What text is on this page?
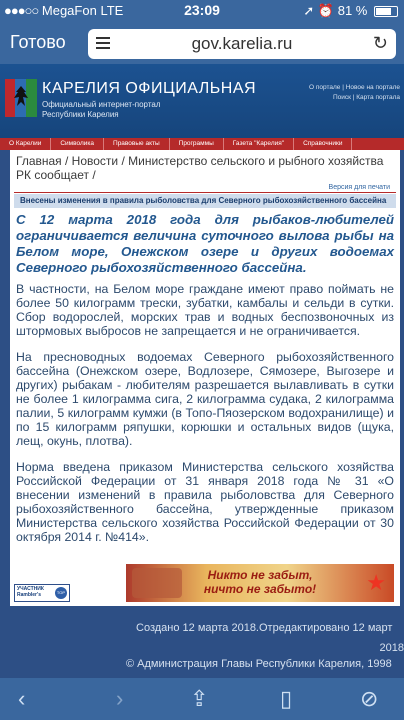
●●●○○ MegaFon LTE	23:09	➚ ⏰ 81 %
Готово	gov.karelia.ru	↻
КАРЕЛИЯ ОФИЦИАЛЬНАЯ
Официальный интернет-портал
Республики Карелия
О портале | Новое на портале
Поиск | Карта портала
О Карелии	Символика	Правовые акты	Программы	Газета "Карелия"	Справочники
Главная / Новости / Министерство сельского и рыбного хозяйства РК сообщает /
Версия для печати
Внесены изменения в правила рыболовства для Северного рыбохозяйственного бассейна
С 12 марта 2018 года для рыбаков-любителей ограничивается величина суточного вылова рыбы на Белом море, Онежском озере и других водоемах Северного рыбохозяйственного бассейна.
В частности, на Белом море граждане имеют право поймать не более 50 килограмм трески, зубатки, камбалы и сельди в сутки. Сбор водорослей, морских трав и водных беспозвоночных из штормовых выбросов не запрещается и не ограничивается.
На пресноводных водоемах Северного рыбохозяйственного бассейна (Онежском озере, Водлозере, Сямозере, Выгозере и других) рыбакам - любителям разрешается вылавливать в сутки не более 1 килограмма сига, 2 килограмма судака, 2 килограмма палии, 5 килограмм кумжи (в Топо-Пяозерском водохранилище) и по 15 килограмм ряпушки, корюшки и остальных видов (щука, лещ, окунь, плотва).
Норма введена приказом Министерства сельского хозяйства Российской Федерации от 31 января 2018 года № 31 «О внесении изменений в правила рыболовства для Северного рыбохозяйственного бассейна, утвержденные приказом Министерства сельского хозяйства Российской Федерации от 30 октября 2014 г. №414».
УЧАСТНИК
Rambler's	TOP 100
Никто не забыт, ничто не забыто!	★
Создано 12 марта 2018.Отредактировано 12 март
2018
© Администрация Главы Республики Карелия, 1998
‹	›	⇪	▯	⊘
